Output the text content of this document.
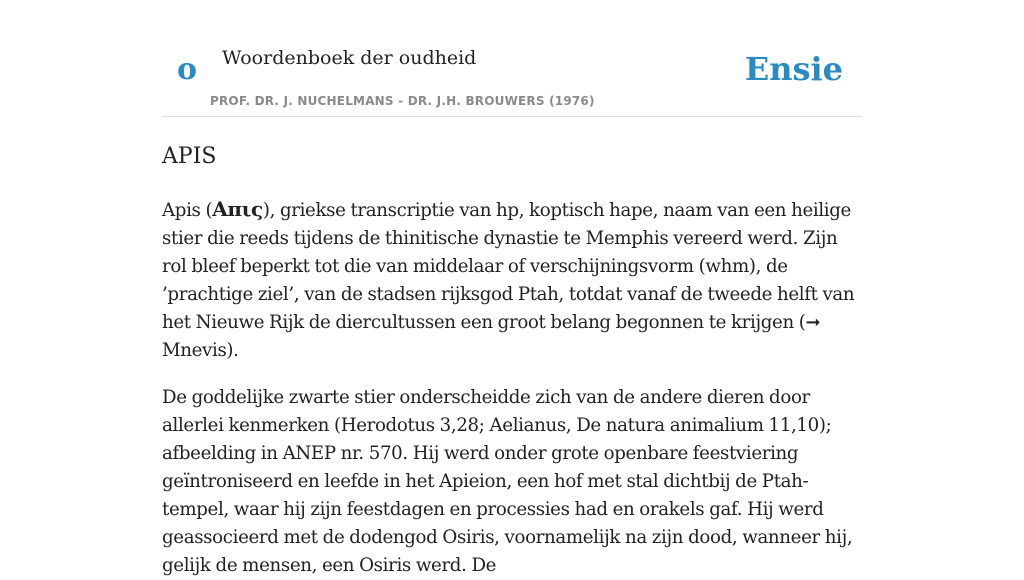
o Woordenboek der oudheid	Ensie
PROF. DR. J. NUCHELMANS - DR. J.H. BROUWERS (1976)
APIS

Apis (Aπις), griekse transcriptie van hp, koptisch hape, naam van een heilige stier die reeds tijdens de thinitische dynastie te Memphis vereerd werd. Zijn rol bleef beperkt tot die van middelaar of verschijningsvorm (whm), de ’prachtige ziel’, van de stadsen rijksgod Ptah, totdat vanaf de tweede helft van het Nieuwe Rijk de diercultussen een groot belang begonnen te krijgen (➞ Mnevis).

De goddelijke zwarte stier onderscheidde zich van de andere dieren door allerlei kenmerken (Herodotus 3,28; Aelianus, De natura animalium 11,10); afbeelding in ANEP nr. 570. Hij werd onder grote openbare feestviering geïntroniseerd en leefde in het Apieion, een hof met stal dichtbij de Ptah-tempel, waar hij zijn feestdagen en processies had en orakels gaf. Hij werd geassocieerd met de dodengod Osiris, voornamelijk na zijn dood, wanneer hij, gelijk de mensen, een Osiris werd. De
